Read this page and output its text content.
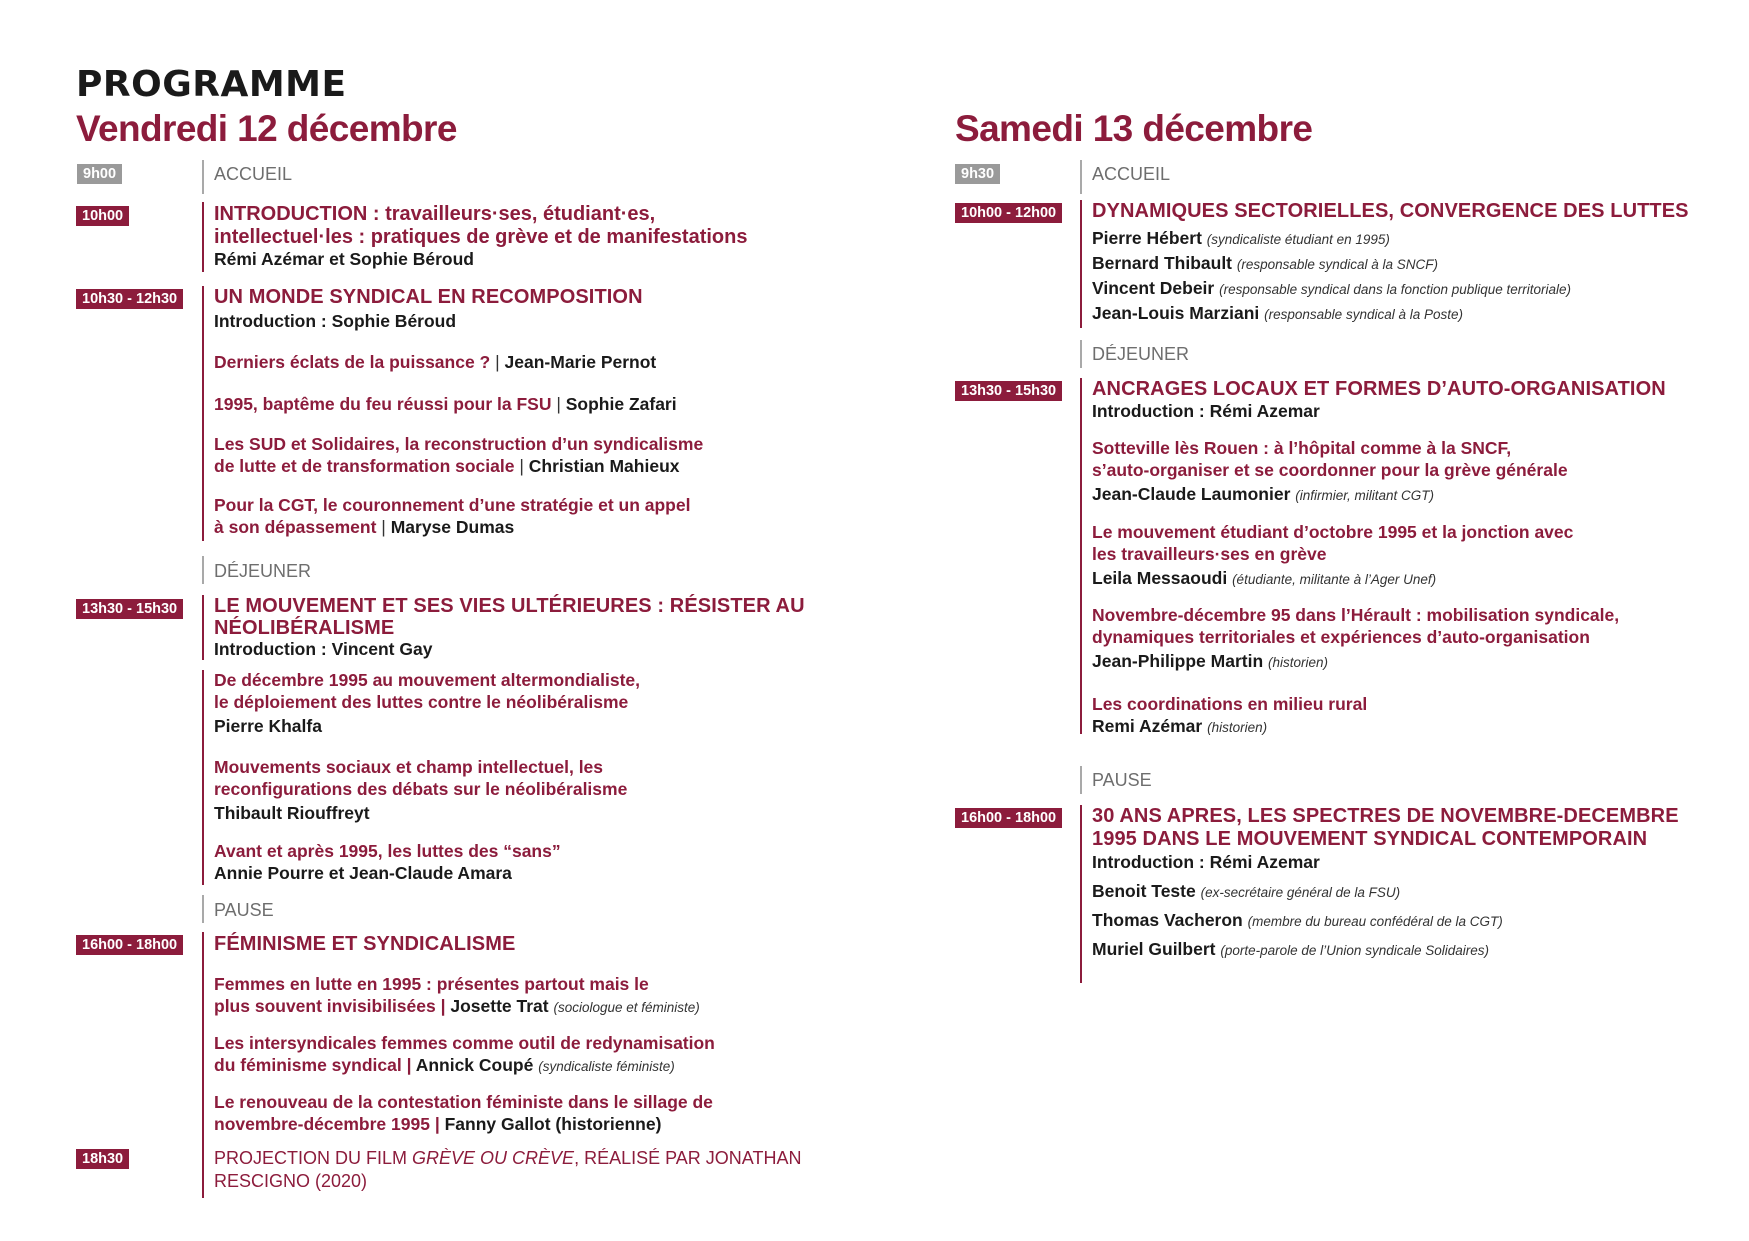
PROGRAMME
Vendredi 12 décembre	Samedi 13 décembre
9h00	ACCUEIL
10h00	INTRODUCTION : travailleurs·ses, étudiant·es,
intellectuel·les : pratiques de grève et de manifestations
Rémi Azémar et Sophie Béroud
10h30 - 12h30	UN MONDE SYNDICAL EN RECOMPOSITION
Introduction : Sophie Béroud
Derniers éclats de la puissance ? | Jean-Marie Pernot
1995, baptême du feu réussi pour la FSU | Sophie Zafari
Les SUD et Solidaires, la reconstruction d’un syndicalisme
de lutte et de transformation sociale | Christian Mahieux
Pour la CGT, le couronnement d’une stratégie et un appel
à son dépassement | Maryse Dumas
DÉJEUNER
13h30 - 15h30	LE MOUVEMENT ET SES VIES ULTÉRIEURES : RÉSISTER AU
NÉOLIBÉRALISME
Introduction : Vincent Gay
De décembre 1995 au mouvement altermondialiste,
le déploiement des luttes contre le néolibéralisme
Pierre Khalfa
Mouvements sociaux et champ intellectuel, les
reconfigurations des débats sur le néolibéralisme
Thibault Riouffreyt
Avant et après 1995, les luttes des “sans”
Annie Pourre et Jean-Claude Amara
PAUSE
16h00 - 18h00	FÉMINISME ET SYNDICALISME
Femmes en lutte en 1995 : présentes partout mais le
plus souvent invisibilisées | Josette Trat (sociologue et féministe)
Les intersyndicales femmes comme outil de redynamisation
du féminisme syndical | Annick Coupé (syndicaliste féministe)
Le renouveau de la contestation féministe dans le sillage de
novembre-décembre 1995 | Fanny Gallot (historienne)
18h30	PROJECTION DU FILM GRÈVE OU CRÈVE, RÉALISÉ PAR JONATHAN
RESCIGNO (2020)
9h30	ACCUEIL
10h00 - 12h00	DYNAMIQUES SECTORIELLES, CONVERGENCE DES LUTTES
Pierre Hébert (syndicaliste étudiant en 1995)
Bernard Thibault (responsable syndical à la SNCF)
Vincent Debeir (responsable syndical dans la fonction publique territoriale)
Jean-Louis Marziani (responsable syndical à la Poste)
DÉJEUNER
13h30 - 15h30	ANCRAGES LOCAUX ET FORMES D’AUTO-ORGANISATION
Introduction : Rémi Azemar
Sotteville lès Rouen : à l’hôpital comme à la SNCF,
s’auto-organiser et se coordonner pour la grève générale
Jean-Claude Laumonier (infirmier, militant CGT)
Le mouvement étudiant d’octobre 1995 et la jonction avec
les travailleurs·ses en grève
Leila Messaoudi (étudiante, militante à l’Ager Unef)
Novembre-décembre 95 dans l’Hérault : mobilisation syndicale,
dynamiques territoriales et expériences d’auto-organisation
Jean-Philippe Martin (historien)
Les coordinations en milieu rural
Remi Azémar (historien)
PAUSE
16h00 - 18h00	30 ANS APRES, LES SPECTRES DE NOVEMBRE-DECEMBRE
1995 DANS LE MOUVEMENT SYNDICAL CONTEMPORAIN
Introduction : Rémi Azemar
Benoit Teste (ex-secrétaire général de la FSU)
Thomas Vacheron (membre du bureau confédéral de la CGT)
Muriel Guilbert (porte-parole de l’Union syndicale Solidaires)
